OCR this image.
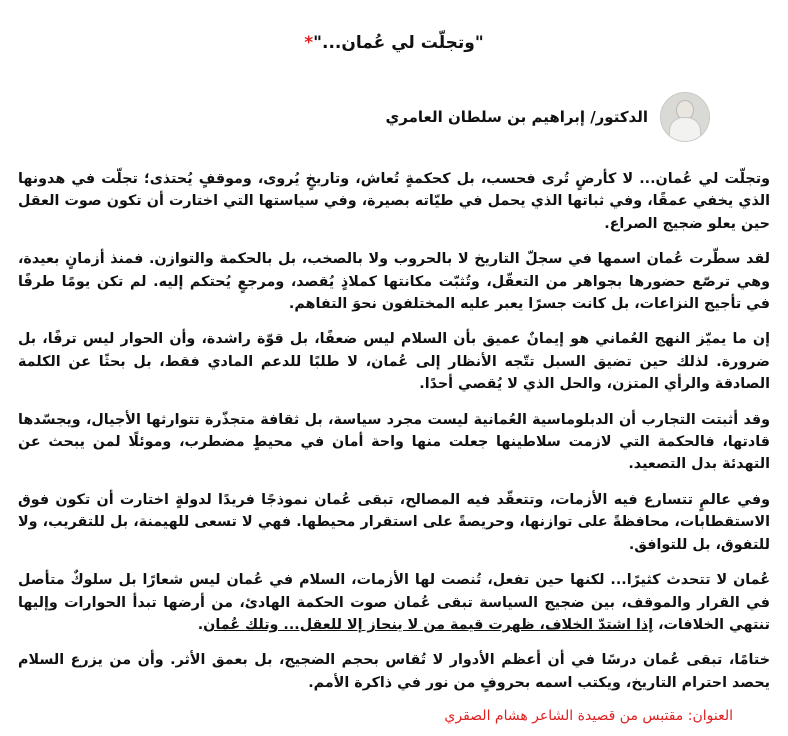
"وتجلّت لي عُمان..."*
الدكتور/ إبراهيم بن سلطان العامري

وتجلّت لي عُمان... لا كأرضٍ تُرى فحسب، بل كحكمةٍ تُعاش، وتاريخٍ يُروى، وموقفٍ يُحتذى؛ تجلّت في هدونها الذي يخفي عمقًا، وفي ثباتها الذي يحمل في طيّاته بصيرة، وفي سياستها التي اختارت أن تكون صوت العقل حين يعلو ضجيج الصراع.

لقد سطّرت عُمان اسمها في سجلّ التاريخ لا بالحروب ولا بالصخب، بل بالحكمة والتوازن. فمنذ أزمانٍ بعيدة، وهي ترصّع حضورها بجواهر من التعقّل، وتُثبّت مكانتها كملاذٍ يُقصد، ومرجعٍ يُحتكم إليه. لم تكن يومًا طرفًا في تأجيج النزاعات، بل كانت جسرًا يعبر عليه المختلفون نحوَ التفاهم.

إن ما يميّز النهج العُماني هو إيمانٌ عميق بأن السلام ليس ضعفًا، بل قوّة راشدة، وأن الحوار ليس ترفًا، بل ضرورة. لذلك حين تضيق السبل تتّجه الأنظار إلى عُمان، لا طلبًا للدعم المادي فقط، بل بحثًا عن الكلمة الصادقة والرأي المتزن، والحل الذي لا يُقصي أحدًا.

وقد أثبتت التجارب أن الدبلوماسية العُمانية ليست مجرد سياسة، بل ثقافة متجذّرة تتوارثها الأجيال، ويجسّدها قادتها، فالحكمة التي لازمت سلاطينها جعلت منها واحة أمان في محيطٍ مضطرب، وموئلًا لمن يبحث عن التهدئة بدل التصعيد.

وفي عالمٍ تتسارع فيه الأزمات، وتتعقّد فيه المصالح، تبقى عُمان نموذجًا فريدًا لدولةٍ اختارت أن تكون فوق الاستقطابات، محافظةً على توازنها، وحريصةً على استقرار محيطها. فهي لا تسعى للهيمنة، بل للتقريب، ولا للتفوق، بل للتوافق.

عُمان لا تتحدث كثيرًا... لكنها حين تفعل، تُنصت لها الأزمات، السلام في عُمان ليس شعارًا بل سلوكٌ متأصل في القرار والموقف، بين ضجيج السياسة تبقى عُمان صوت الحكمة الهادئ، من أرضها تبدأ الحوارات وإليها تنتهي الخلافات، إذا اشتدّ الخلاف، ظهرت قيمة من لا ينحاز إلا للعقل... وتلك عُمان.

ختامًا، تبقى عُمان درسًا في أن أعظم الأدوار لا تُقاس بحجم الضجيج، بل بعمق الأثر. وأن من يزرع السلام يحصد احترام التاريخ، ويكتب اسمه بحروفٍ من نور في ذاكرة الأمم.

العنوان: مقتبس من قصيدة الشاعر هشام الصقري
